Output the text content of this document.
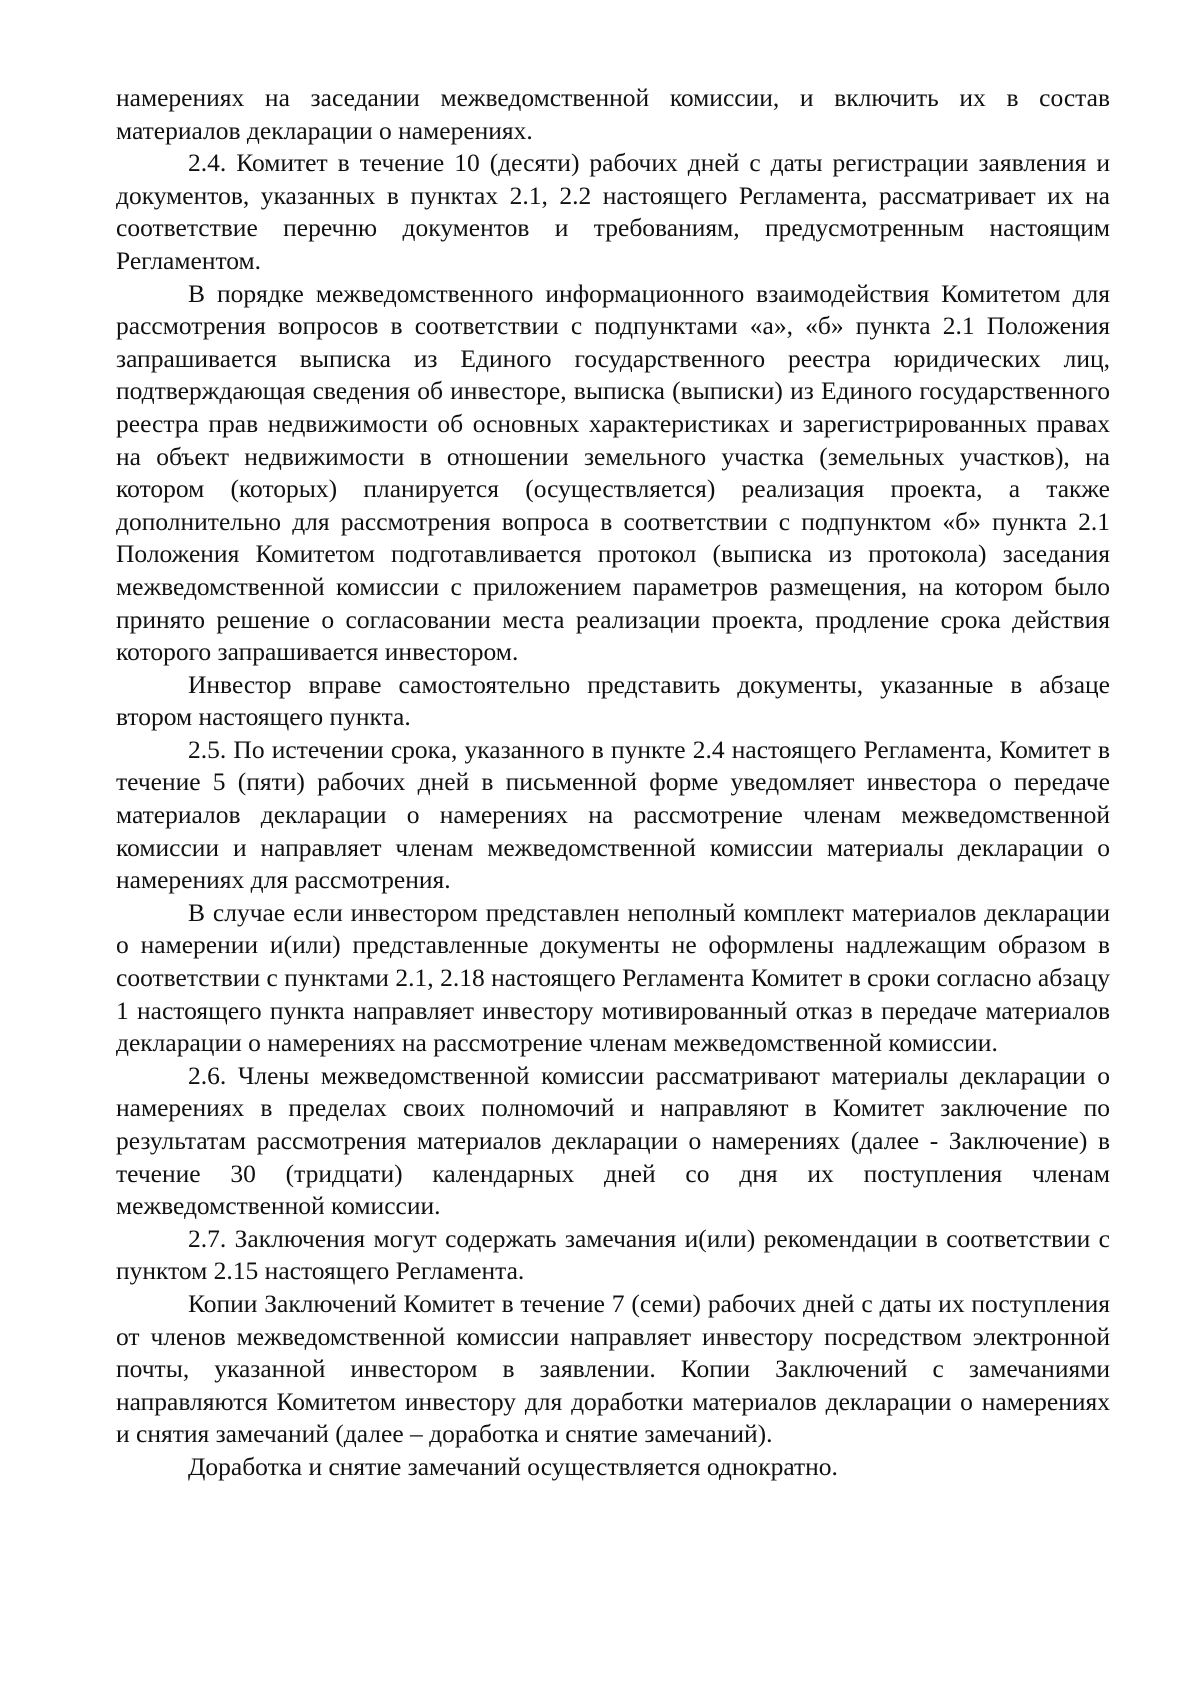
намерениях на заседании межведомственной комиссии, и включить их в состав материалов декларации о намерениях.

2.4. Комитет в течение 10 (десяти) рабочих дней с даты регистрации заявления и документов, указанных в пунктах 2.1, 2.2 настоящего Регламента, рассматривает их на соответствие перечню документов и требованиям, предусмотренным настоящим Регламентом.

В порядке межведомственного информационного взаимодействия Комитетом для рассмотрения вопросов в соответствии с подпунктами «а», «б» пункта 2.1 Положения запрашивается выписка из Единого государственного реестра юридических лиц, подтверждающая сведения об инвесторе, выписка (выписки) из Единого государственного реестра прав недвижимости об основных характеристиках и зарегистрированных правах на объект недвижимости в отношении земельного участка (земельных участков), на котором (которых) планируется (осуществляется) реализация проекта, а также дополнительно для рассмотрения вопроса в соответствии с подпунктом «б» пункта 2.1 Положения Комитетом подготавливается протокол (выписка из протокола) заседания межведомственной комиссии с приложением параметров размещения, на котором было принято решение о согласовании места реализации проекта, продление срока действия которого запрашивается инвестором.

Инвестор вправе самостоятельно представить документы, указанные в абзаце втором настоящего пункта.

2.5. По истечении срока, указанного в пункте 2.4 настоящего Регламента, Комитет в течение 5 (пяти) рабочих дней в письменной форме уведомляет инвестора о передаче материалов декларации о намерениях на рассмотрение членам межведомственной комиссии и направляет членам межведомственной комиссии материалы декларации о намерениях для рассмотрения.

В случае если инвестором представлен неполный комплект материалов декларации о намерении и(или) представленные документы не оформлены надлежащим образом в соответствии с пунктами 2.1, 2.18 настоящего Регламента Комитет в сроки согласно абзацу 1 настоящего пункта направляет инвестору мотивированный отказ в передаче материалов декларации о намерениях на рассмотрение членам межведомственной комиссии.

2.6. Члены межведомственной комиссии рассматривают материалы декларации о намерениях в пределах своих полномочий и направляют в Комитет заключение по результатам рассмотрения материалов декларации о намерениях (далее - Заключение) в течение 30 (тридцати) календарных дней со дня их поступления членам межведомственной комиссии.

2.7. Заключения могут содержать замечания и(или) рекомендации в соответствии с пунктом 2.15 настоящего Регламента.

Копии Заключений Комитет в течение 7 (семи) рабочих дней с даты их поступления от членов межведомственной комиссии направляет инвестору посредством электронной почты, указанной инвестором в заявлении. Копии Заключений с замечаниями направляются Комитетом инвестору для доработки материалов декларации о намерениях и снятия замечаний (далее – доработка и снятие замечаний).

Доработка и снятие замечаний осуществляется однократно.
